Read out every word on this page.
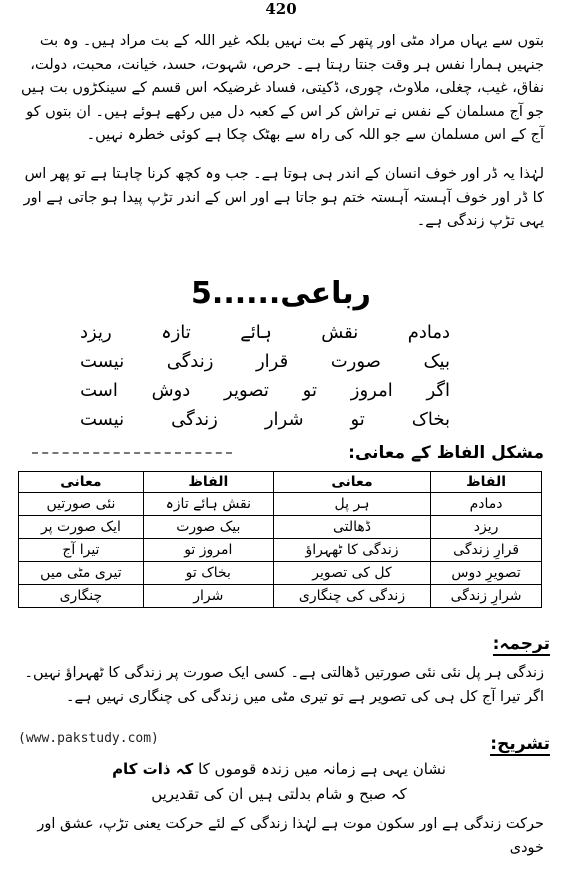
420
بتوں سے یہاں مراد مٹی اور پتھر کے بت نہیں بلکہ غیر اللہ کے بت مراد ہیں۔ وہ بت جنہیں ہمارا نفس ہر وقت جنتا رہتا ہے۔ حرص، شہوت، حسد، خیانت، محبت، دولت، نفاق، غیب، چغلی، ملاوٹ، چوری، ڈکیتی، فساد غرضیکہ اس قسم کے سینکڑوں بت ہیں جو آج مسلمان کے نفس نے تراش کر اس کے کعبہ دل میں رکھے ہوئے ہیں۔ ان بتوں کو آج کے اس مسلمان سے جو اللہ کی راہ سے بھٹک چکا ہے کوئی خطرہ نہیں۔
لہٰذا یہ ڈر اور خوف انسان کے اندر ہی ہوتا ہے۔ جب وہ کچھ کرنا چاہتا ہے تو پھر اس کا ڈر اور خوف آہستہ آہستہ ختم ہو جاتا ہے اور اس کے اندر تڑپ پیدا ہو جاتی ہے اور یہی تڑپ زندگی ہے۔
رباعی......5
دمادم
نقش
ہائے
تازہ
ریزد
بیک
صورت
قرار
زندگی
نیست
اگر
امروز
تو
تصویر
دوش
است
بخاک
تو
شرار
زندگی
نیست
مشکل الفاظ کے معانی:
الفاظ	معانی	الفاظ	معانی
دمادم	ہر پل	نقش ہائے تازہ	نئی صورتیں
ریزد	ڈھالتی	بیک صورت	ایک صورت پر
قرارِ زندگی	زندگی کا ٹھہراؤ	امروز تو	تیرا آج
تصویرِ دوس	کل کی تصویر	بخاک تو	تیری مٹی میں
شرارِ زندگی	زندگی کی چنگاری	شرار	چنگاری
ترجمہ:
زندگی ہر پل نئی نئی صورتیں ڈھالتی ہے۔ کسی ایک صورت پر زندگی کا ٹھہراؤ نہیں۔ اگر تیرا آج کل ہی کی تصویر ہے تو تیری مٹی میں زندگی کی چنگاری نہیں ہے۔
(www.pakstudy.com)	تشریح:
نشان یہی ہے زمانہ میں زندہ قوموں کا کہ ذات کام
کہ صبح و شام بدلتی ہیں ان کی تقدیریں
حرکت زندگی ہے اور سکون موت ہے لہٰذا زندگی کے لئے حرکت یعنی تڑپ، عشق اور خودی
